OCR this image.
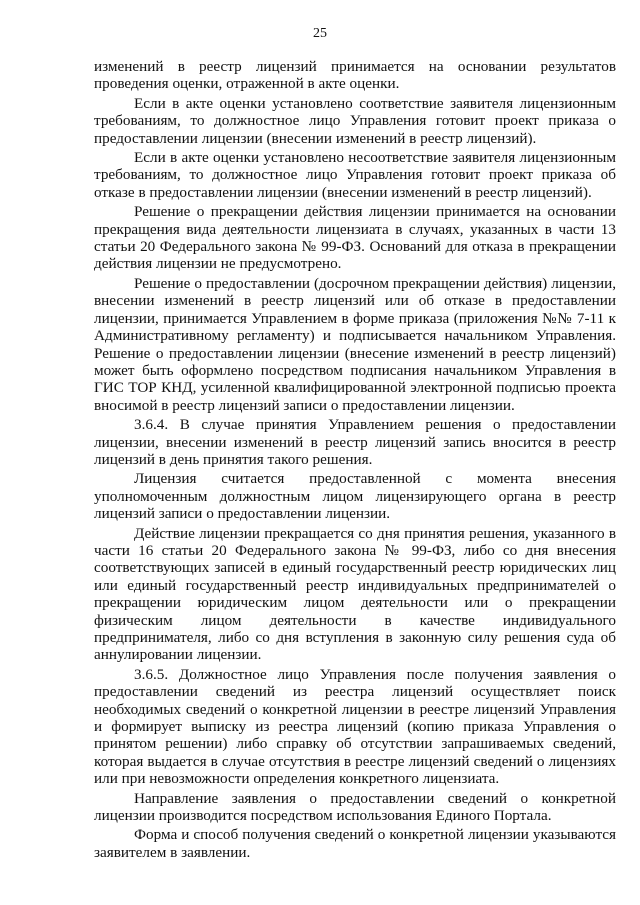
25

изменений в реестр лицензий принимается на основании результатов проведения оценки, отраженной в акте оценки.

Если в акте оценки установлено соответствие заявителя лицензионным требованиям, то должностное лицо Управления готовит проект приказа о предоставлении лицензии (внесении изменений в реестр лицензий).

Если в акте оценки установлено несоответствие заявителя лицензионным требованиям, то должностное лицо Управления готовит проект приказа об отказе в предоставлении лицензии (внесении изменений в реестр лицензий).

Решение о прекращении действия лицензии принимается на основании прекращения вида деятельности лицензиата в случаях, указанных в части 13 статьи 20 Федерального закона № 99-ФЗ. Оснований для отказа в прекращении действия лицензии не предусмотрено.

Решение о предоставлении (досрочном прекращении действия) лицензии, внесении изменений в реестр лицензий или об отказе в предоставлении лицензии, принимается Управлением в форме приказа (приложения №№ 7-11 к Административному регламенту) и подписывается начальником Управления. Решение о предоставлении лицензии (внесение изменений в реестр лицензий) может быть оформлено посредством подписания начальником Управления в ГИС ТОР КНД, усиленной квалифицированной электронной подписью проекта вносимой в реестр лицензий записи о предоставлении лицензии.

3.6.4. В случае принятия Управлением решения о предоставлении лицензии, внесении изменений в реестр лицензий запись вносится в реестр лицензий в день принятия такого решения.

Лицензия считается предоставленной с момента внесения уполномоченным должностным лицом лицензирующего органа в реестр лицензий записи о предоставлении лицензии.

Действие лицензии прекращается со дня принятия решения, указанного в части 16 статьи 20 Федерального закона № 99-ФЗ, либо со дня внесения соответствующих записей в единый государственный реестр юридических лиц или единый государственный реестр индивидуальных предпринимателей о прекращении юридическим лицом деятельности или о прекращении физическим лицом деятельности в качестве индивидуального предпринимателя, либо со дня вступления в законную силу решения суда об аннулировании лицензии.

3.6.5. Должностное лицо Управления после получения заявления о предоставлении сведений из реестра лицензий осуществляет поиск необходимых сведений о конкретной лицензии в реестре лицензий Управления и формирует выписку из реестра лицензий (копию приказа Управления о принятом решении) либо справку об отсутствии запрашиваемых сведений, которая выдается в случае отсутствия в реестре лицензий сведений о лицензиях или при невозможности определения конкретного лицензиата.

Направление заявления о предоставлении сведений о конкретной лицензии производится посредством использования Единого Портала.

Форма и способ получения сведений о конкретной лицензии указываются заявителем в заявлении.
